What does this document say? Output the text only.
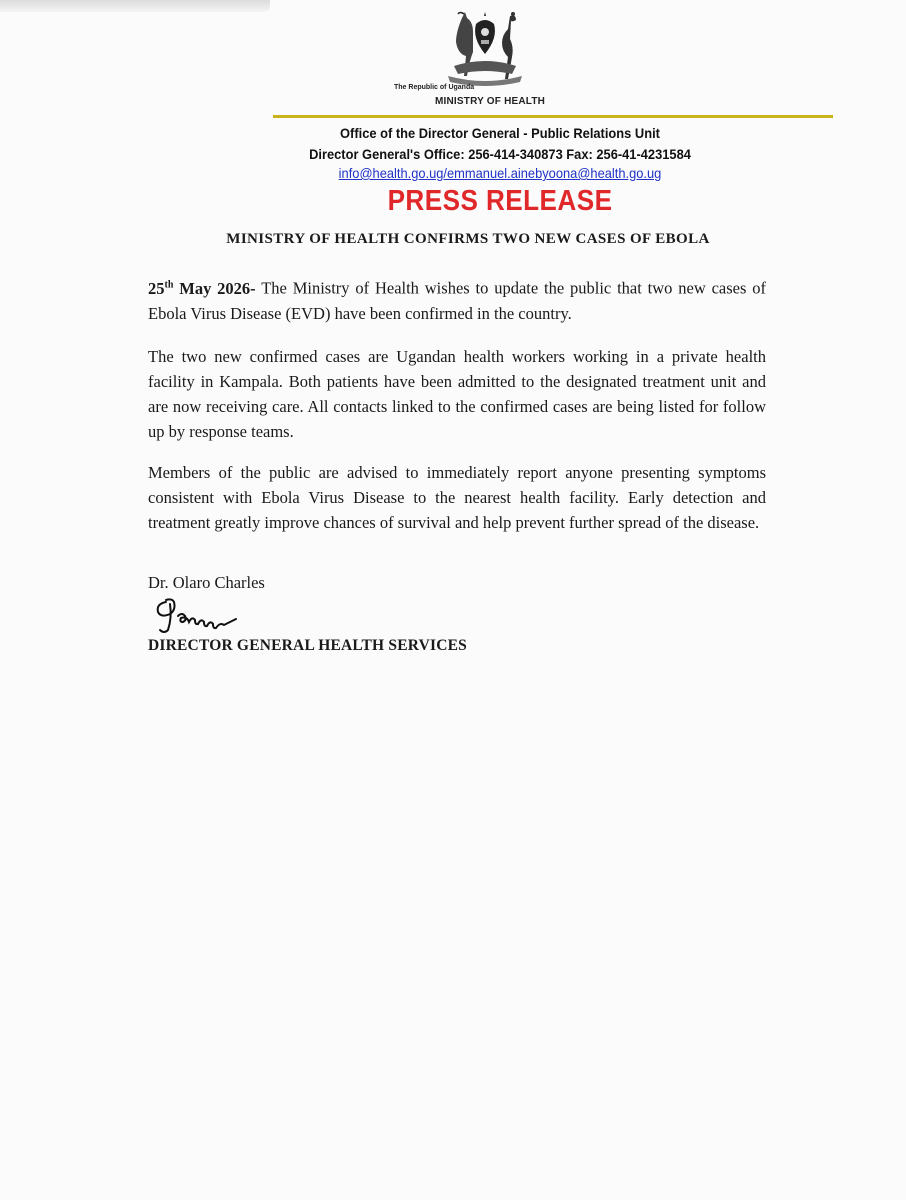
The Republic of Uganda
MINISTRY OF HEALTH
Office of the Director General - Public Relations Unit
Director General's Office: 256-414-340873 Fax: 256-41-4231584
info@health.go.ug/emmanuel.ainebyoona@health.go.ug
PRESS RELEASE
MINISTRY OF HEALTH CONFIRMS TWO NEW CASES OF EBOLA
25th May 2026- The Ministry of Health wishes to update the public that two new cases of Ebola Virus Disease (EVD) have been confirmed in the country.
The two new confirmed cases are Ugandan health workers working in a private health facility in Kampala. Both patients have been admitted to the designated treatment unit and are now receiving care. All contacts linked to the confirmed cases are being listed for follow up by response teams.
Members of the public are advised to immediately report anyone presenting symptoms consistent with Ebola Virus Disease to the nearest health facility. Early detection and treatment greatly improve chances of survival and help prevent further spread of the disease.
Dr. Olaro Charles
DIRECTOR GENERAL HEALTH SERVICES
